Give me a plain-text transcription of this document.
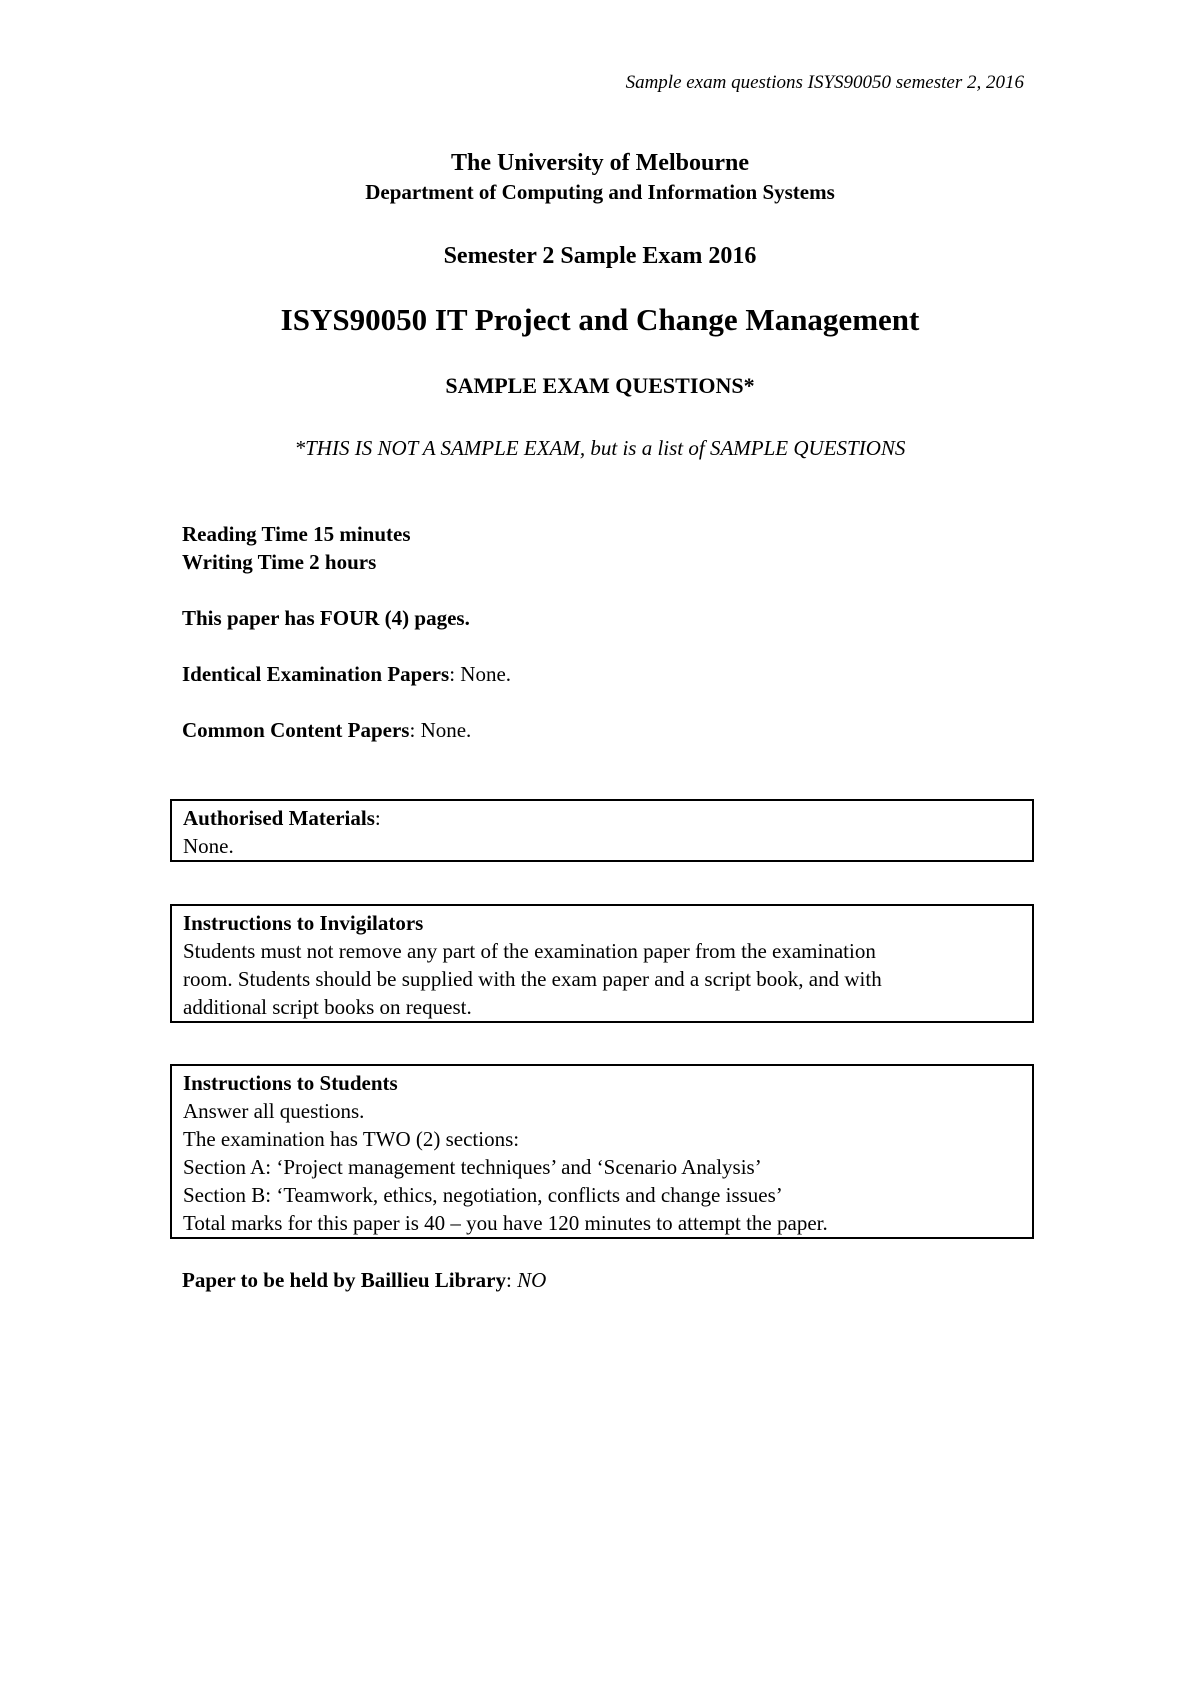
Sample exam questions ISYS90050 semester 2, 2016
The University of Melbourne
Department of Computing and Information Systems
Semester 2 Sample Exam 2016
ISYS90050 IT Project and Change Management
SAMPLE EXAM QUESTIONS*
*THIS IS NOT A SAMPLE EXAM, but is a list of SAMPLE QUESTIONS
Reading Time 15 minutes
Writing Time 2 hours
This paper has FOUR (4) pages.
Identical Examination Papers: None.
Common Content Papers: None.
Authorised Materials:
None.
Instructions to Invigilators
Students must not remove any part of the examination paper from the examination
room. Students should be supplied with the exam paper and a script book, and with
additional script books on request.
Instructions to Students
Answer all questions.
The examination has TWO (2) sections:
Section A: ‘Project management techniques’ and ‘Scenario Analysis’
Section B: ‘Teamwork, ethics, negotiation, conflicts and change issues’
Total marks for this paper is 40 – you have 120 minutes to attempt the paper.
Paper to be held by Baillieu Library: NO
